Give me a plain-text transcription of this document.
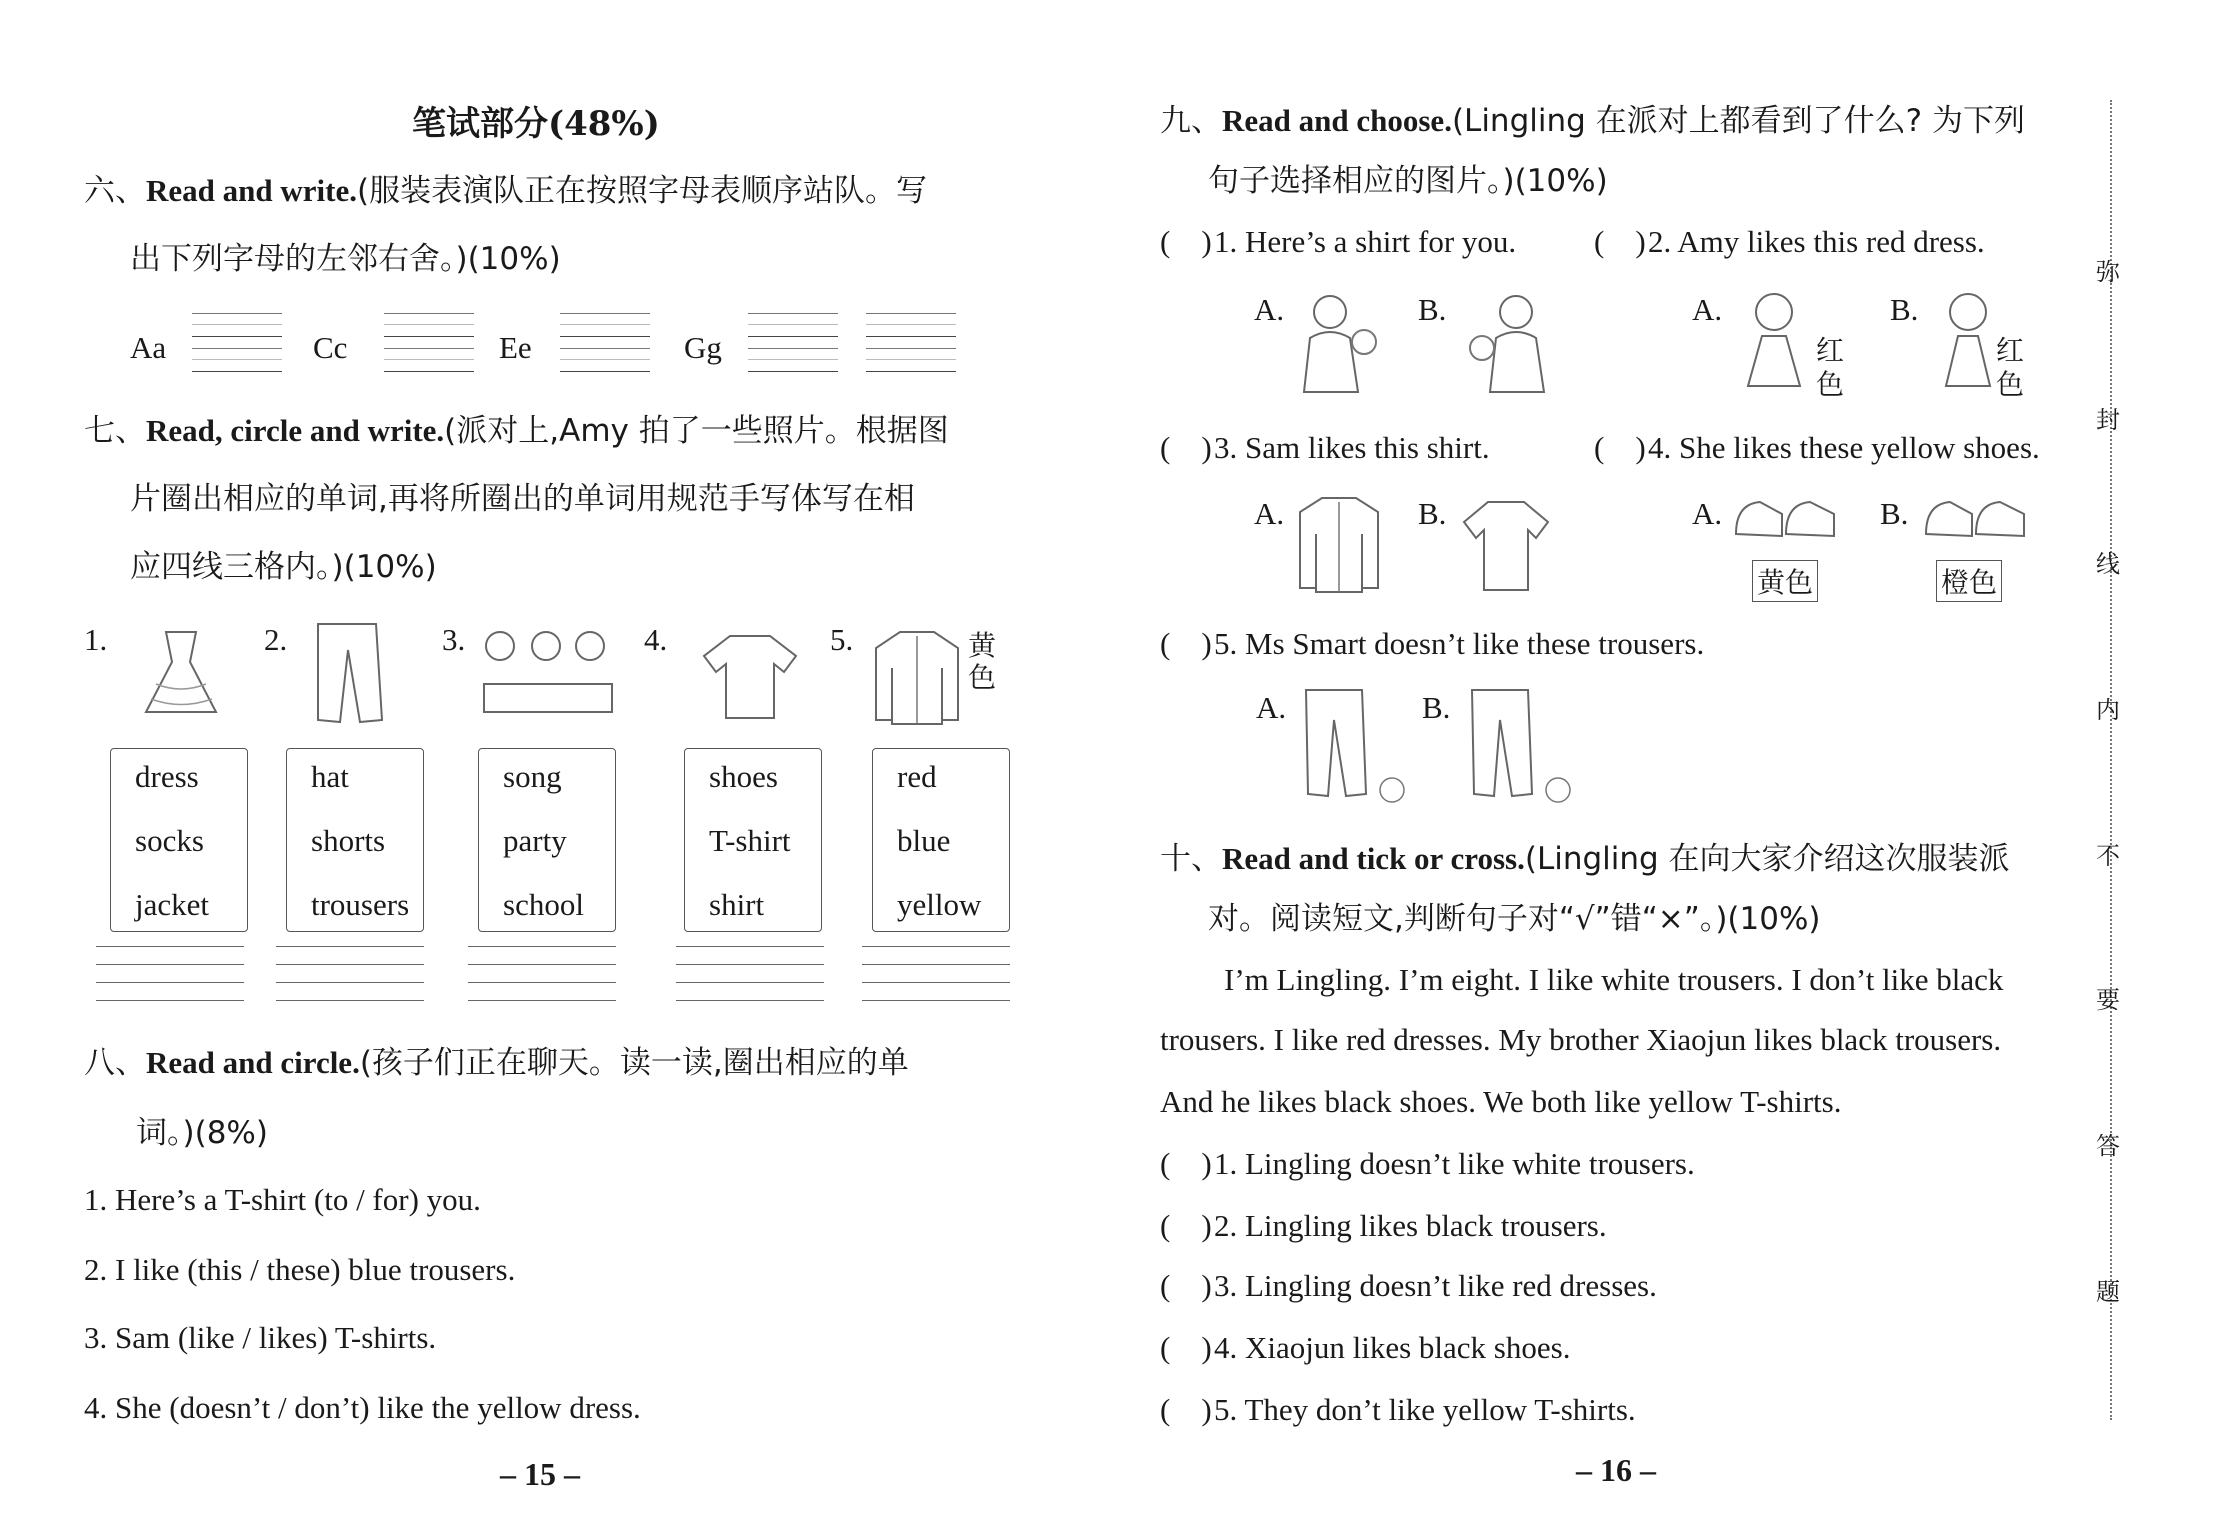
笔试部分(48%)
六、Read and write.(服装表演队正在按照字母表顺序站队。写
出下列字母的左邻右舍。)(10%)
Aa	Cc	Ee	Gg
七、Read, circle and write.(派对上,Amy 拍了一些照片。根据图
片圈出相应的单词,再将所圈出的单词用规范手写体写在相
应四线三格内。)(10%)
1.	2.	3.	4.	5.	黄色
dress
socks
jacket
hat
shorts
trousers
song
party
school
shoes
T-shirt
shirt
red
blue
yellow
八、Read and circle.(孩子们正在聊天。读一读,圈出相应的单
词。)(8%)
1. Here’s a T-shirt (to / for) you.
2. I like (this / these) blue trousers.
3. Sam (like / likes) T-shirts.
4. She (doesn’t / don’t) like the yellow dress.
– 15 –
九、Read and choose.(Lingling 在派对上都看到了什么? 为下列
句子选择相应的图片。)(10%)
(    ) 1. Here’s a shirt for you.	(    ) 2. Amy likes this red dress.
A.	B.	A.
红色
B.
红色
(    ) 3. Sam likes this shirt.	(    ) 4. She likes these yellow shoes.
A.	B.	A.
黄色
B.
橙色
(    ) 5. Ms Smart doesn’t like these trousers.
A.	B.
十、Read and tick or cross.(Lingling 在向大家介绍这次服装派
对。阅读短文,判断句子对“√”错“×”。)(10%)
I’m Lingling. I’m eight. I like white trousers. I don’t like black
trousers. I like red dresses. My brother Xiaojun likes black trousers.
And he likes black shoes. We both like yellow T-shirts.
(    ) 1. Lingling doesn’t like white trousers.
(    ) 2. Lingling likes black trousers.
(    ) 3. Lingling doesn’t like red dresses.
(    ) 4. Xiaojun likes black shoes.
(    ) 5. They don’t like yellow T-shirts.
– 16 –
弥
封
线
内
不
要
答
题
